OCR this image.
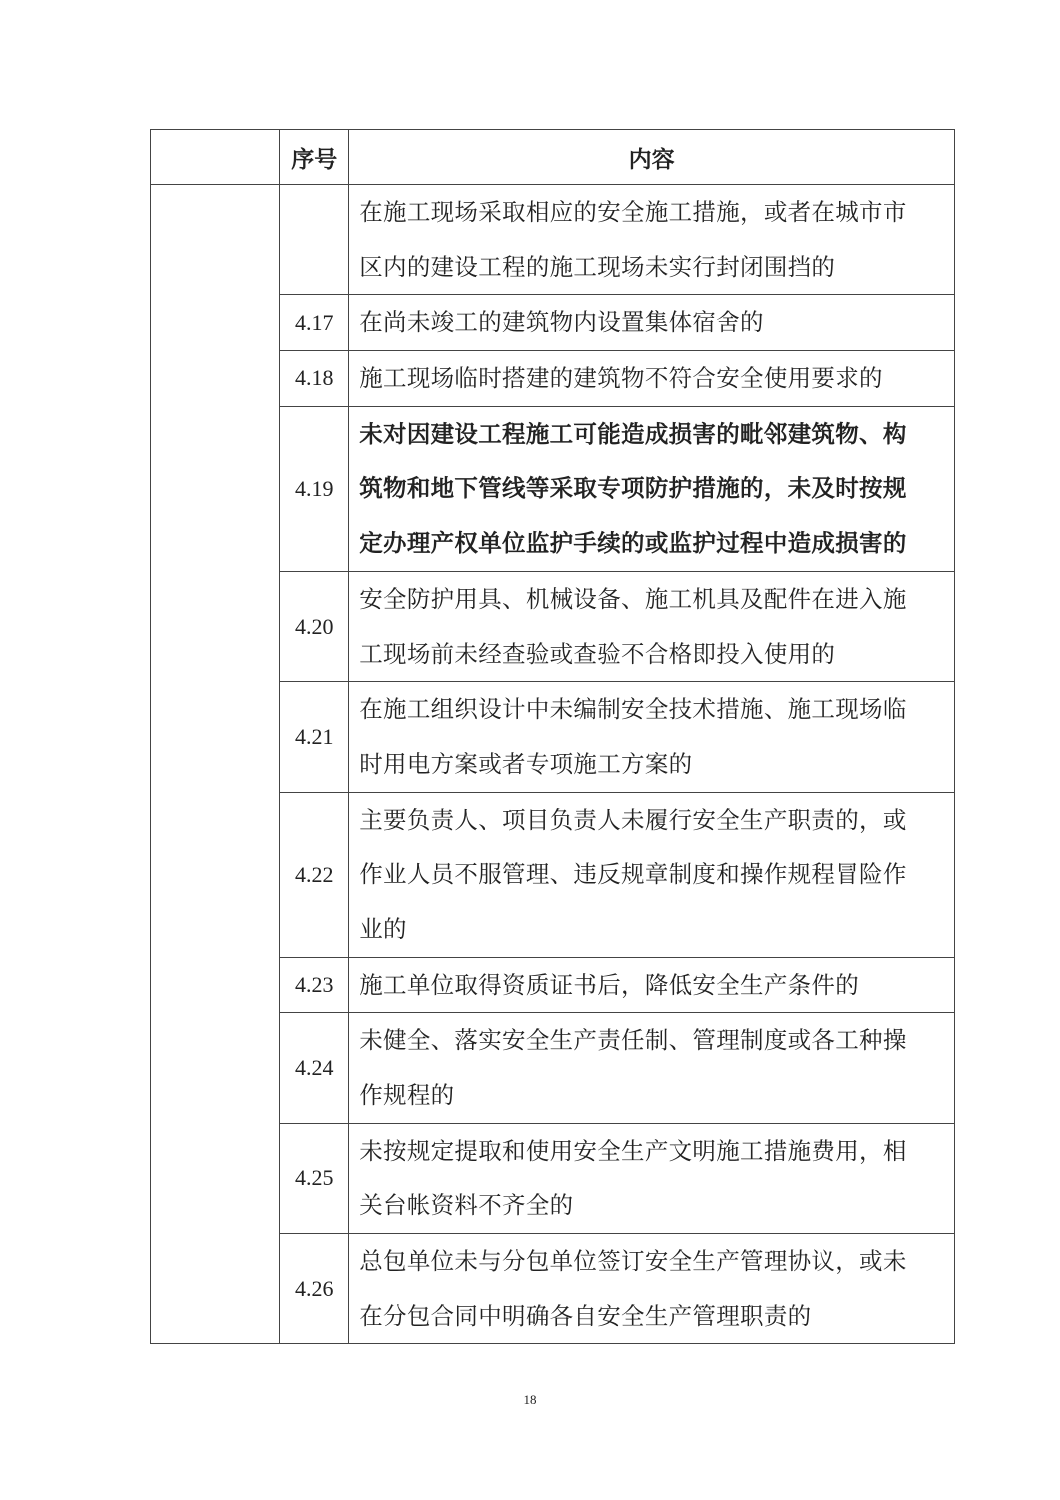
	序号	内容

		在施工现场采取相应的安全施工措施，或者在城市市
区内的建设工程的施工现场未实行封闭围挡的

	4.17	在尚未竣工的建筑物内设置集体宿舍的

	4.18	施工现场临时搭建的建筑物不符合安全使用要求的

	4.19	未对因建设工程施工可能造成损害的毗邻建筑物、构
筑物和地下管线等采取专项防护措施的，未及时按规
定办理产权单位监护手续的或监护过程中造成损害的

	4.20	安全防护用具、机械设备、施工机具及配件在进入施
工现场前未经查验或查验不合格即投入使用的

	4.21	在施工组织设计中未编制安全技术措施、施工现场临
时用电方案或者专项施工方案的

	4.22	主要负责人、项目负责人未履行安全生产职责的，或
作业人员不服管理、违反规章制度和操作规程冒险作
业的

	4.23	施工单位取得资质证书后，降低安全生产条件的

	4.24	未健全、落实安全生产责任制、管理制度或各工种操
作规程的

	4.25	未按规定提取和使用安全生产文明施工措施费用，相
关台帐资料不齐全的

	4.26	总包单位未与分包单位签订安全生产管理协议，或未
在分包合同中明确各自安全生产管理职责的
18
